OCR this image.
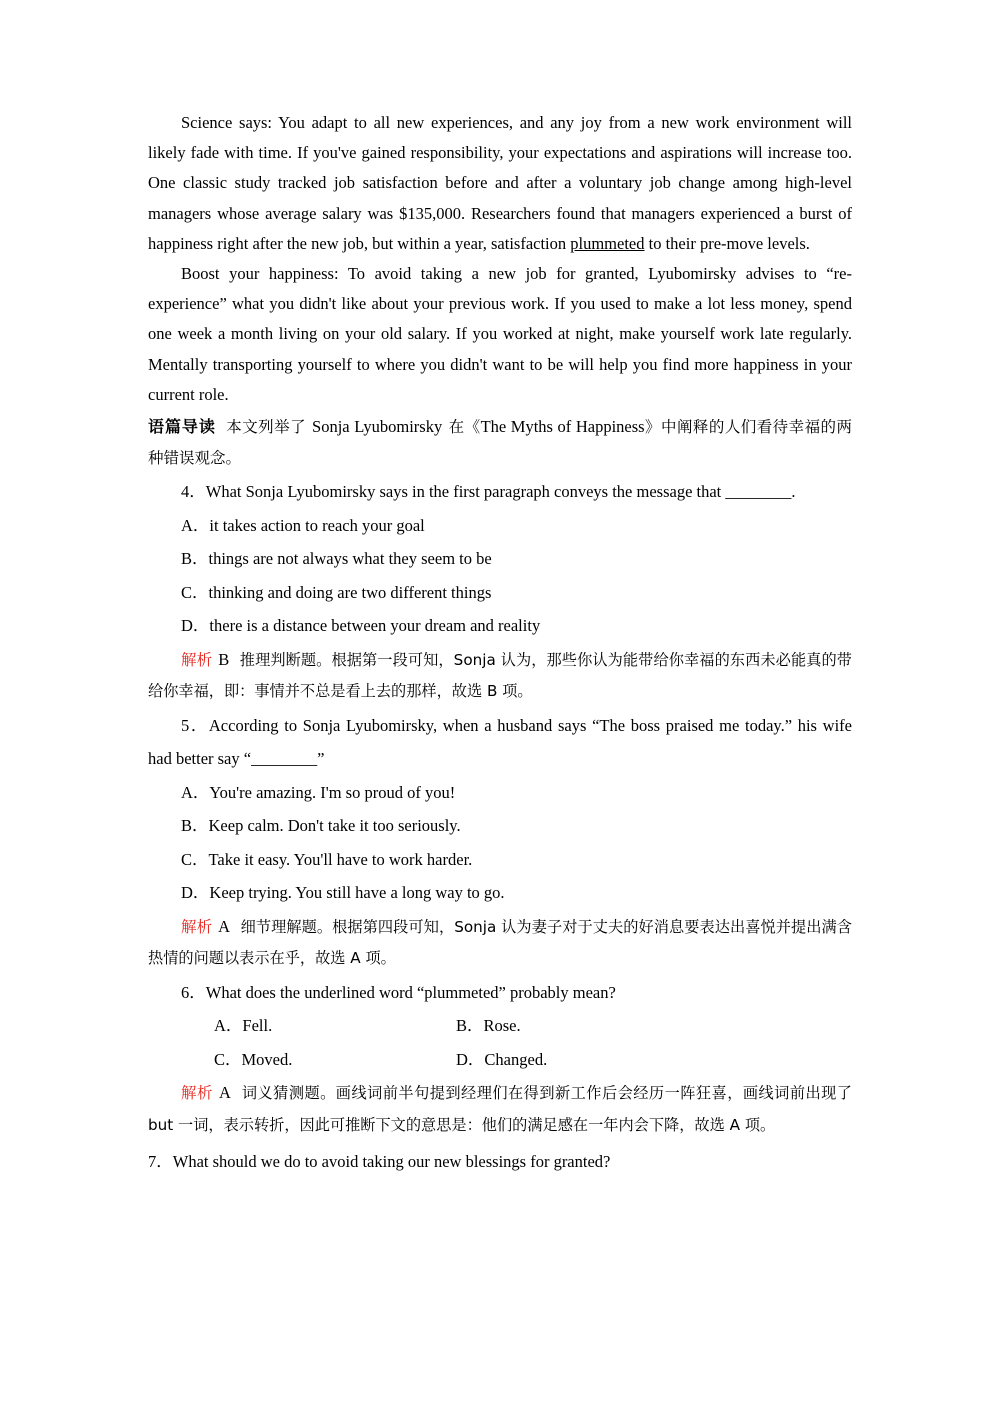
Science says: You adapt to all new experiences, and any joy from a new work environment will likely fade with time. If you've gained responsibility, your expectations and aspirations will increase too. One classic study tracked job satisfaction before and after a voluntary job change among high-level managers whose average salary was $135,000. Researchers found that managers experienced a burst of happiness right after the new job, but within a year, satisfaction plummeted to their pre-move levels.

Boost your happiness: To avoid taking a new job for granted, Lyubomirsky advises to “re-experience” what you didn't like about your previous work. If you used to make a lot less money, spend one week a month living on your old salary. If you worked at night, make yourself work late regularly. Mentally transporting yourself to where you didn't want to be will help you find more happiness in your current role.

语篇导读 本文列举了 Sonja Lyubomirsky 在《The Myths of Happiness》中阐释的人们看待幸福的两种错误观念。

4．What Sonja Lyubomirsky says in the first paragraph conveys the message that ________.

A．it takes action to reach your goal

B．things are not always what they seem to be

C．thinking and doing are two different things

D．there is a distance between your dream and reality

解析 B 推理判断题。根据第一段可知，Sonja 认为，那些你认为能带给你幸福的东西未必能真的带给你幸福，即：事情并不总是看上去的那样，故选 B 项。

5．According to Sonja Lyubomirsky, when a husband says “The boss praised me today.” his wife had better say “________”

A．You're amazing. I'm so proud of you!

B．Keep calm. Don't take it too seriously.

C．Take it easy. You'll have to work harder.

D．Keep trying. You still have a long way to go.

解析 A 细节理解题。根据第四段可知，Sonja 认为妻子对于丈夫的好消息要表达出喜悦并提出满含热情的问题以表示在乎，故选 A 项。

6．What does the underlined word “plummeted” probably mean?

A．Fell.	B．Rose.

C．Moved.	D．Changed.

解析 A 词义猜测题。画线词前半句提到经理们在得到新工作后会经历一阵狂喜，画线词前出现了 but 一词，表示转折，因此可推断下文的意思是：他们的满足感在一年内会下降，故选 A 项。

7．What should we do to avoid taking our new blessings for granted?
